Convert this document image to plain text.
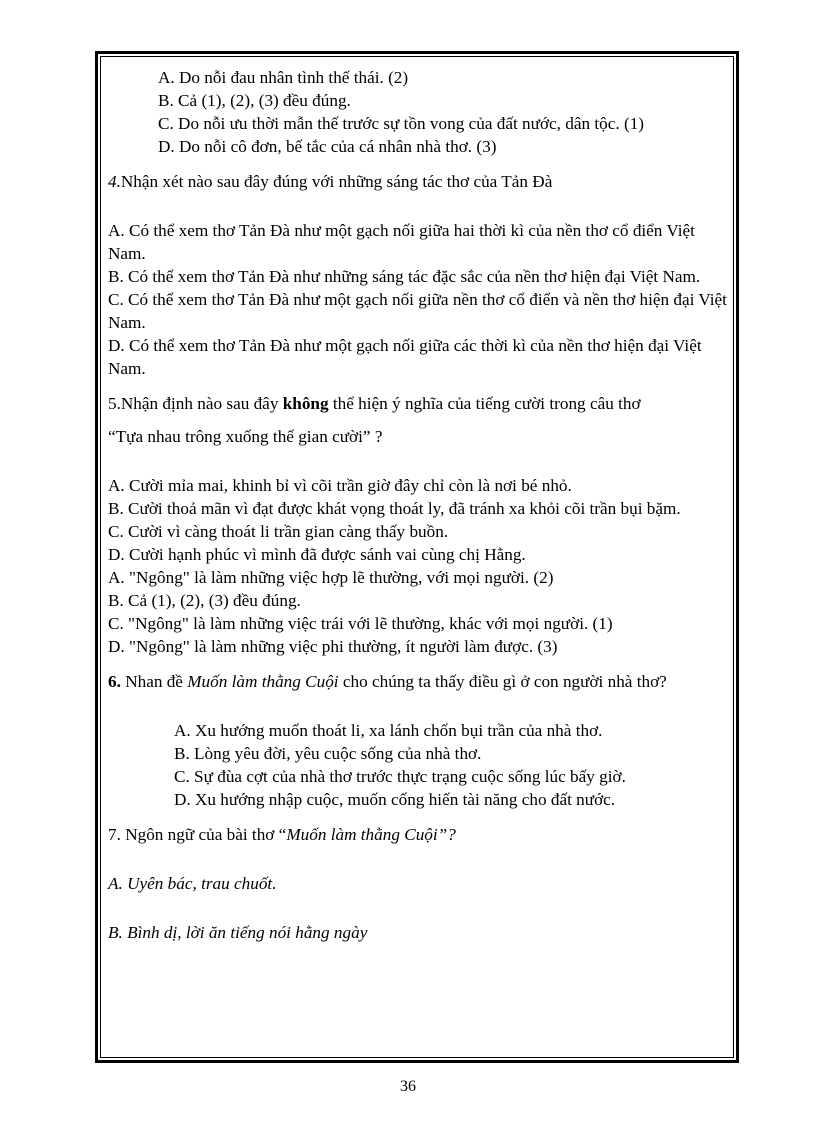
A. Do nỗi đau nhân tình thế thái. (2)

B. Cả (1), (2), (3) đều đúng.

C. Do nỗi ưu thời mẫn thế trước sự tồn vong của đất nước, dân tộc. (1)

D. Do nỗi cô đơn, bế tắc của cá nhân nhà thơ. (3)

4.Nhận xét nào sau đây đúng với những sáng tác thơ của Tản Đà

A. Có thể xem thơ Tản Đà như một gạch nối giữa hai thời kì của nền thơ cổ điển Việt Nam.

B. Có thể xem thơ Tản Đà như những sáng tác đặc sắc của nền thơ hiện đại Việt Nam.

C. Có thể xem thơ Tản Đà như một gạch nối giữa nền thơ cổ điển và nền thơ hiện đại Việt Nam.

D. Có thể xem thơ Tản Đà như một gạch nối giữa các thời kì của nền thơ hiện đại Việt Nam.

5.Nhận định nào sau đây không thể hiện ý nghĩa của tiếng cười trong câu thơ

“Tựa nhau trông xuống thế gian cười” ?

A. Cười mỉa mai, khinh bỉ vì cõi trần giờ đây chỉ còn là nơi bé nhỏ.

B. Cười thoả mãn vì đạt được khát vọng thoát ly, đã tránh xa khỏi cõi trần bụi bặm.

C. Cười vì càng thoát li trần gian càng thấy buồn.

D. Cười hạnh phúc vì mình đã được sánh vai cùng chị Hằng.

A. "Ngông" là làm những việc hợp lẽ thường, với mọi người. (2)

B. Cả (1), (2), (3) đều đúng.

C. "Ngông" là làm những việc trái với lẽ thường, khác với mọi người. (1)

D. "Ngông" là làm những việc phi thường, ít người làm được. (3)

6. Nhan đề Muốn làm thằng Cuội cho chúng ta thấy điều gì ở con người nhà thơ?

A. Xu hướng muốn thoát li, xa lánh chốn bụi trần của nhà thơ.

B. Lòng yêu đời, yêu cuộc sống của nhà thơ.

C. Sự đùa cợt của nhà thơ trước thực trạng cuộc sống lúc bấy giờ.

D. Xu hướng nhập cuộc, muốn cống hiến tài năng cho đất nước.

7. Ngôn ngữ của bài thơ “Muốn làm thằng Cuội”?

A. Uyên bác, trau chuốt.

B. Bình dị, lời ăn tiếng nói hằng ngày

36
